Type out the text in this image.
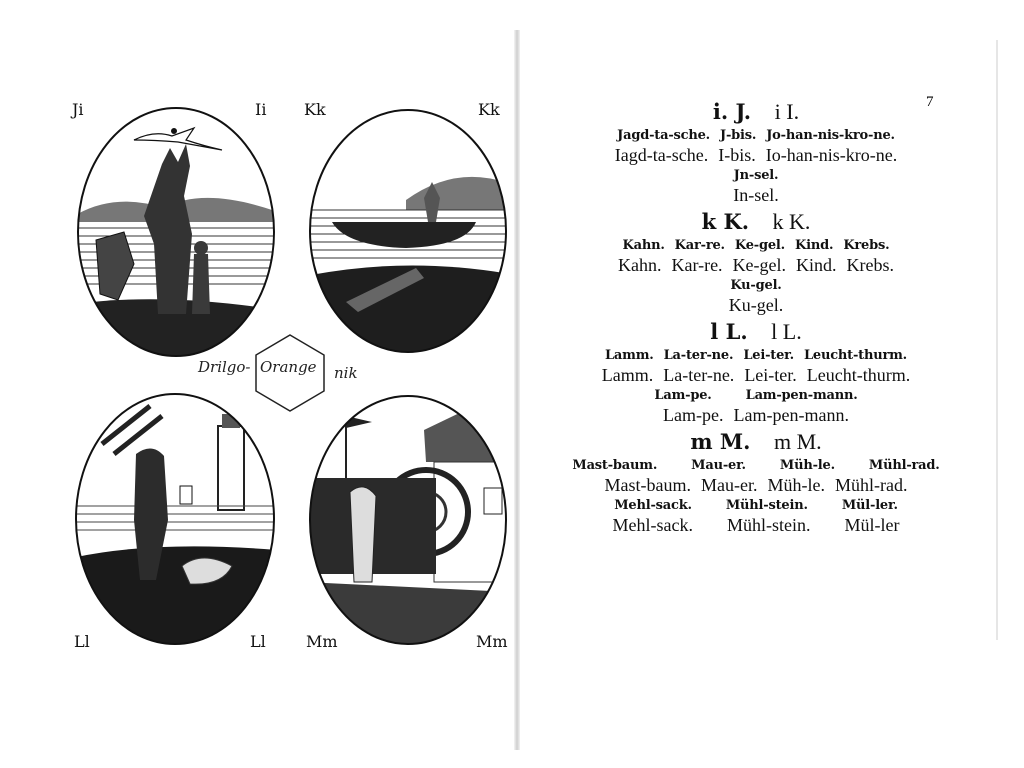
Ji	Ii Kk	Kk
Ll	Ll	Mm	Mm
Drilgo- Orange nik
7
i. J. i I.
Jagd-ta-sche. J-bis. Jo-han-nis-kro-ne.
Iagd-ta-sche. I-bis. Io-han-nis-kro-ne.
Jn-sel.
In-sel.
k K. k K.
Kahn. Kar-re. Ke-gel. Kind. Krebs.
Kahn. Kar-re. Ke-gel. Kind. Krebs.
Ku-gel.
Ku-gel.
l L. l L.
Lamm. La-ter-ne. Lei-ter. Leucht-thurm.
Lamm. La-ter-ne. Lei-ter. Leucht-thurm.
Lam-pe.	Lam-pen-mann.
Lam-pe. Lam-pen-mann.
m M. m M.
Mast-baum.	Mau-er.	Müh-le.	Mühl-rad.
Mast-baum. Mau-er. Müh-le. Mühl-rad.
Mehl-sack.	Mühl-stein.	Mül-ler.
Mehl-sack. Mühl-stein. Mül-ler
